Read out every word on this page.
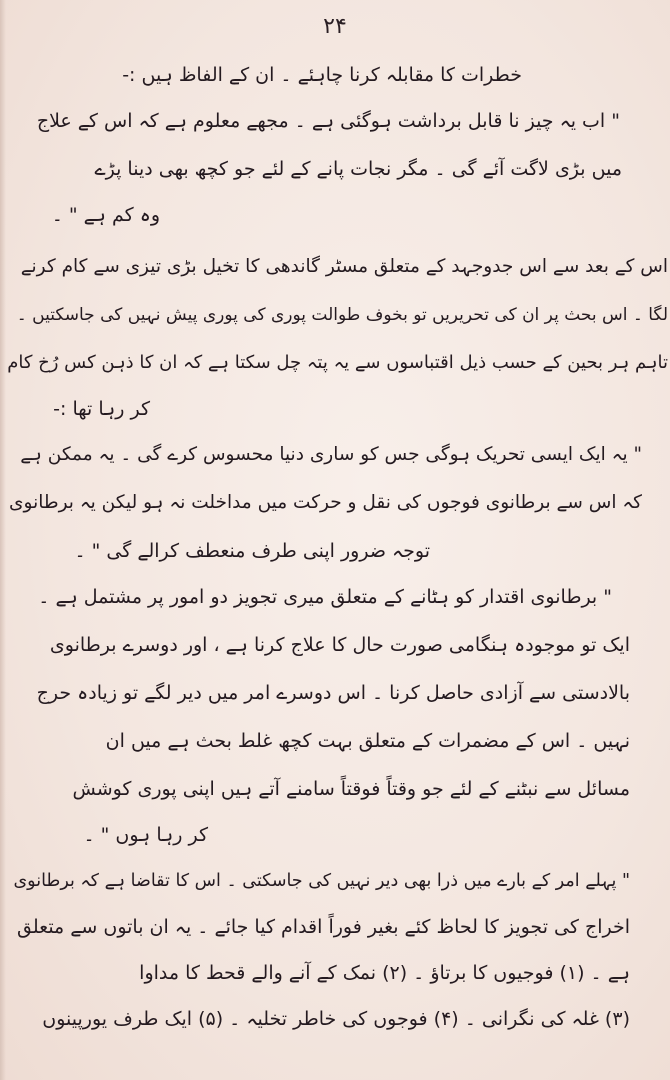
۲۴
خطرات کا مقابلہ کرنا چاہئے ۔ ان کے الفاظ ہیں :-
" اب یہ چیز نا قابل برداشت ہوگئی ہے ۔ مجھے معلوم ہے کہ اس کے علاج
میں بڑی لاگت آئے گی ۔ مگر نجات پانے کے لئے جو کچھ بھی دینا پڑے
وہ کم ہے " ۔
اس کے بعد سے اس جدوجہد کے متعلق مسٹر گاندھی کا تخیل بڑی تیزی سے کام کرنے
لگا ۔ اس بحث پر ان کی تحریریں تو بخوف طوالت پوری کی پوری پیش نہیں کی جاسکتیں ۔
تاہم ہر بحین کے حسب ذیل اقتباسوں سے یہ پتہ چل سکتا ہے کہ ان کا ذہن کس رُخ کام
کر رہا تھا :-
" یہ ایک ایسی تحریک ہوگی جس کو ساری دنیا محسوس کرے گی ۔ یہ ممکن ہے
کہ اس سے برطانوی فوجوں کی نقل و حرکت میں مداخلت نہ ہو لیکن یہ برطانوی
توجہ ضرور اپنی طرف منعطف کرالے گی " ۔
" برطانوی اقتدار کو ہٹانے کے متعلق میری تجویز دو امور پر مشتمل ہے ۔
ایک تو موجودہ ہنگامی صورت حال کا علاج کرنا ہے ، اور دوسرے برطانوی
بالادستی سے آزادی حاصل کرنا ۔ اس دوسرے امر میں دیر لگے تو زیادہ حرج
نہیں ۔ اس کے مضمرات کے متعلق بہت کچھ غلط بحث ہے میں ان
مسائل سے نبٹنے کے لئے جو وقتاً فوقتاً سامنے آتے ہیں اپنی پوری کوشش
کر رہا ہوں " ۔
" پہلے امر کے بارے میں ذرا بھی دیر نہیں کی جاسکتی ۔ اس کا تقاضا ہے کہ برطانوی
اخراج کی تجویز کا لحاظ کئے بغیر فوراً اقدام کیا جائے ۔ یہ ان باتوں سے متعلق
ہے ۔ (۱) فوجیوں کا برتاؤ ۔ (۲) نمک کے آنے والے قحط کا مداوا
(۳) غلہ کی نگرانی ۔ (۴) فوجوں کی خاطر تخلیہ ۔ (۵) ایک طرف یورپینوں
